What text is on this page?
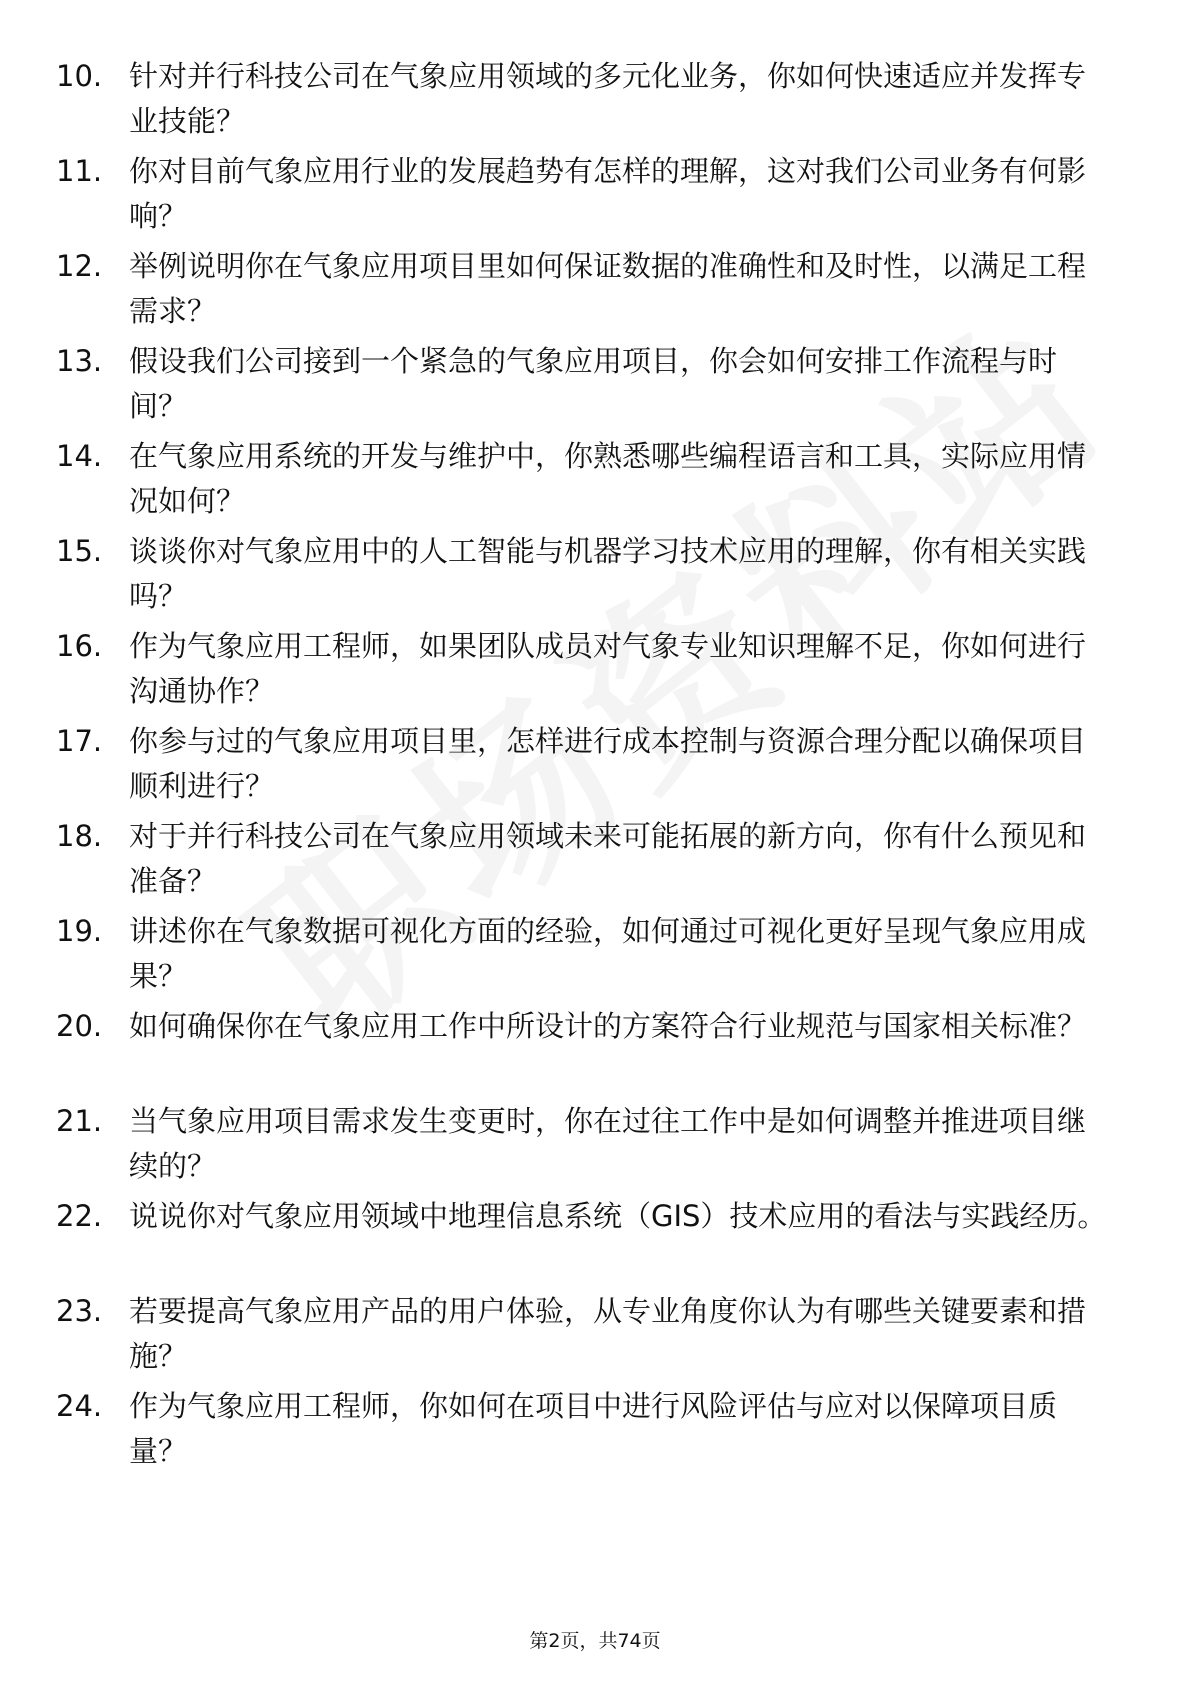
10. 针对并行科技公司在气象应用领域的多元化业务，你如何快速适应并发挥专业技能？
11. 你对目前气象应用行业的发展趋势有怎样的理解，这对我们公司业务有何影响？
12. 举例说明你在气象应用项目里如何保证数据的准确性和及时性，以满足工程需求？
13. 假设我们公司接到一个紧急的气象应用项目，你会如何安排工作流程与时间？
14. 在气象应用系统的开发与维护中，你熟悉哪些编程语言和工具，实际应用情况如何？
15. 谈谈你对气象应用中的人工智能与机器学习技术应用的理解，你有相关实践吗？
16. 作为气象应用工程师，如果团队成员对气象专业知识理解不足，你如何进行沟通协作？
17. 你参与过的气象应用项目里，怎样进行成本控制与资源合理分配以确保项目顺利进行？
18. 对于并行科技公司在气象应用领域未来可能拓展的新方向，你有什么预见和准备？
19. 讲述你在气象数据可视化方面的经验，如何通过可视化更好呈现气象应用成果？
20. 如何确保你在气象应用工作中所设计的方案符合行业规范与国家相关标准？
21. 当气象应用项目需求发生变更时，你在过往工作中是如何调整并推进项目继续的？
22. 说说你对气象应用领域中地理信息系统（GIS）技术应用的看法与实践经历。
23. 若要提高气象应用产品的用户体验，从专业角度你认为有哪些关键要素和措施？
24. 作为气象应用工程师，你如何在项目中进行风险评估与应对以保障项目质量？
第2页，共74页
